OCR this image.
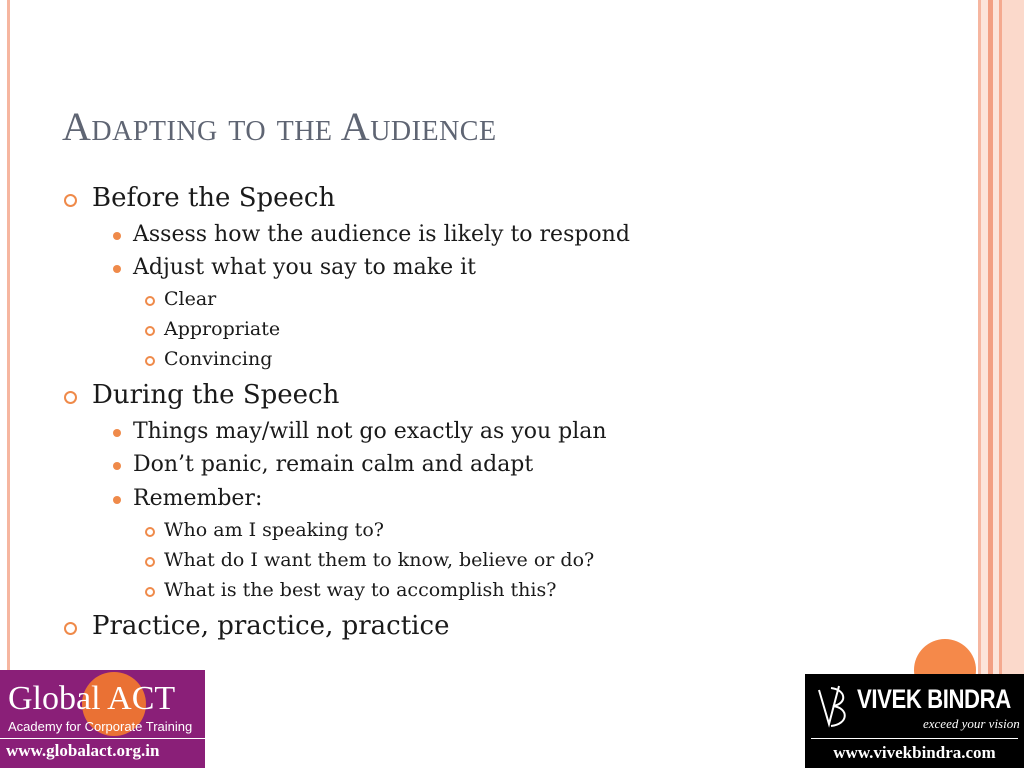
Adapting to the Audience
Before the Speech
Assess how the audience is likely to respond
Adjust what you say to make it
Clear
Appropriate
Convincing
During the Speech
Things may/will not go exactly as you plan
Don’t panic, remain calm and adapt
Remember:
Who am I speaking to?
What do I want them to know, believe or do?
What is the best way to accomplish this?
Practice, practice, practice
Global ACT
Academy for Corporate Training
www.globalact.org.in
VIVEK BINDRA
exceed your vision
www.vivekbindra.com
